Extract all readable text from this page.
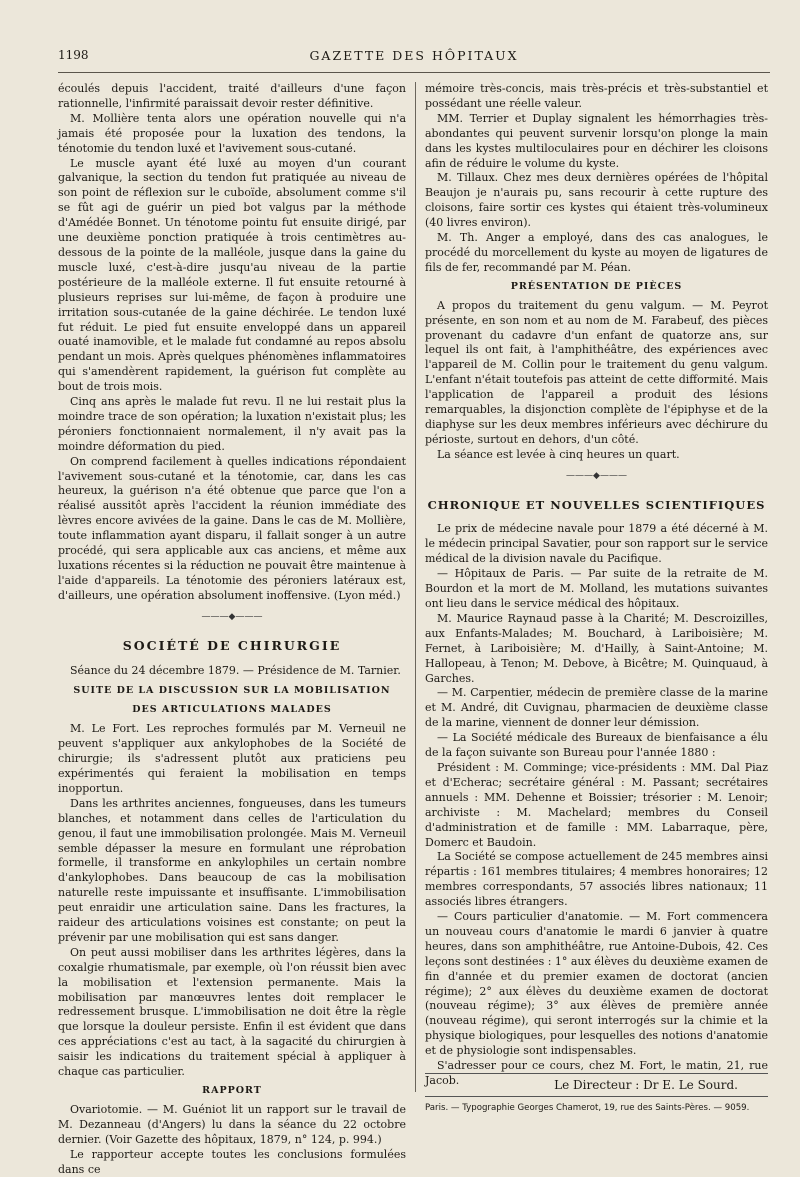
1198	GAZETTE DES HÔPITAUX

écoulés depuis l'accident, traité d'ailleurs d'une façon rationnelle, l'infirmité paraissait devoir rester définitive.

M. Mollière tenta alors une opération nouvelle qui n'a jamais été proposée pour la luxation des tendons, la ténotomie du tendon luxé et l'avivement sous-cutané.

Le muscle ayant été luxé au moyen d'un courant galvanique, la section du tendon fut pratiquée au niveau de son point de réflexion sur le cuboïde, absolument comme s'il se fût agi de guérir un pied bot valgus par la méthode d'Amédée Bonnet. Un ténotome pointu fut ensuite dirigé, par une deuxième ponction pratiquée à trois centimètres au-dessous de la pointe de la malléole, jusque dans la gaine du muscle luxé, c'est-à-dire jusqu'au niveau de la partie postérieure de la malléole externe. Il fut ensuite retourné à plusieurs reprises sur lui-même, de façon à produire une irritation sous-cutanée de la gaine déchirée. Le tendon luxé fut réduit. Le pied fut ensuite enveloppé dans un appareil ouaté inamovible, et le malade fut condamné au repos absolu pendant un mois. Après quelques phénomènes inflammatoires qui s'amendèrent rapidement, la guérison fut complète au bout de trois mois.

Cinq ans après le malade fut revu. Il ne lui restait plus la moindre trace de son opération; la luxation n'existait plus; les péroniers fonctionnaient normalement, il n'y avait pas la moindre déformation du pied.

On comprend facilement à quelles indications répondaient l'avivement sous-cutané et la ténotomie, car, dans les cas heureux, la guérison n'a été obtenue que parce que l'on a réalisé aussitôt après l'accident la réunion immédiate des lèvres encore avivées de la gaine. Dans le cas de M. Mollière, toute inflammation ayant disparu, il fallait songer à un autre procédé, qui sera applicable aux cas anciens, et même aux luxations récentes si la réduction ne pouvait être maintenue à l'aide d'appareils. La ténotomie des péroniers latéraux est, d'ailleurs, une opération absolument inoffensive. (Lyon méd.)

———◆———
SOCIÉTÉ DE CHIRURGIE

Séance du 24 décembre 1879. — Présidence de M. Tarnier.

SUITE DE LA DISCUSSION SUR LA MOBILISATION
DES ARTICULATIONS MALADES

M. Le Fort. Les reproches formulés par M. Verneuil ne peuvent s'appliquer aux ankylophobes de la Société de chirurgie; ils s'adressent plutôt aux praticiens peu expérimentés qui feraient la mobilisation en temps inopportun.

Dans les arthrites anciennes, fongueuses, dans les tumeurs blanches, et notamment dans celles de l'articulation du genou, il faut une immobilisation prolongée. Mais M. Verneuil semble dépasser la mesure en formulant une réprobation formelle, il transforme en ankylophiles un certain nombre d'ankylophobes. Dans beaucoup de cas la mobilisation naturelle reste impuissante et insuffisante. L'immobilisation peut enraidir une articulation saine. Dans les fractures, la raideur des articulations voisines est constante; on peut la prévenir par une mobilisation qui est sans danger.

On peut aussi mobiliser dans les arthrites légères, dans la coxalgie rhumatismale, par exemple, où l'on réussit bien avec la mobilisation et l'extension permanente. Mais la mobilisation par manœuvres lentes doit remplacer le redressement brusque. L'immobilisation ne doit être la règle que lorsque la douleur persiste. Enfin il est évident que dans ces appréciations c'est au tact, à la sagacité du chirurgien à saisir les indications du traitement spécial à appliquer à chaque cas particulier.

RAPPORT

Ovariotomie. — M. Guéniot lit un rapport sur le travail de M. Dezanneau (d'Angers) lu dans la séance du 22 octobre dernier. (Voir Gazette des hôpitaux, 1879, n° 124, p. 994.)

Le rapporteur accepte toutes les conclusions formulées dans ce

mémoire très-concis, mais très-précis et très-substantiel et possédant une réelle valeur.

MM. Terrier et Duplay signalent les hémorrhagies très-abondantes qui peuvent survenir lorsqu'on plonge la main dans les kystes multiloculaires pour en déchirer les cloisons afin de réduire le volume du kyste.

M. Tillaux. Chez mes deux dernières opérées de l'hôpital Beaujon je n'aurais pu, sans recourir à cette rupture des cloisons, faire sortir ces kystes qui étaient très-volumineux (40 livres environ).

M. Th. Anger a employé, dans des cas analogues, le procédé du morcellement du kyste au moyen de ligatures de fils de fer, recommandé par M. Péan.

PRÉSENTATION DE PIÈCES

A propos du traitement du genu valgum. — M. Peyrot présente, en son nom et au nom de M. Farabeuf, des pièces provenant du cadavre d'un enfant de quatorze ans, sur lequel ils ont fait, à l'amphithéâtre, des expériences avec l'appareil de M. Collin pour le traitement du genu valgum. L'enfant n'était toutefois pas atteint de cette difformité. Mais l'application de l'appareil a produit des lésions remarquables, la disjonction complète de l'épiphyse et de la diaphyse sur les deux membres inférieurs avec déchirure du périoste, surtout en dehors, d'un côté.

La séance est levée à cinq heures un quart.

———◆———
CHRONIQUE ET NOUVELLES SCIENTIFIQUES

Le prix de médecine navale pour 1879 a été décerné à M. le médecin principal Savatier, pour son rapport sur le service médical de la division navale du Pacifique.

— Hôpitaux de Paris. — Par suite de la retraite de M. Bourdon et la mort de M. Molland, les mutations suivantes ont lieu dans le service médical des hôpitaux.

M. Maurice Raynaud passe à la Charité; M. Descroizilles, aux Enfants-Malades; M. Bouchard, à Lariboisière; M. Fernet, à Lariboisière; M. d'Hailly, à Saint-Antoine; M. Hallopeau, à Tenon; M. Debove, à Bicêtre; M. Quinquaud, à Garches.

— M. Carpentier, médecin de première classe de la marine et M. André, dit Cuvignau, pharmacien de deuxième classe de la marine, viennent de donner leur démission.

— La Société médicale des Bureaux de bienfaisance a élu de la façon suivante son Bureau pour l'année 1880 :

Président : M. Comminge; vice-présidents : MM. Dal Piaz et d'Echerac; secrétaire général : M. Passant; secrétaires annuels : MM. Dehenne et Boissier; trésorier : M. Lenoir; archiviste : M. Machelard; membres du Conseil d'administration et de famille : MM. Labarraque, père, Domerc et Baudoin.

La Société se compose actuellement de 245 membres ainsi répartis : 161 membres titulaires; 4 membres honoraires; 12 membres correspondants, 57 associés libres nationaux; 11 associés libres étrangers.

— Cours particulier d'anatomie. — M. Fort commencera un nouveau cours d'anatomie le mardi 6 janvier à quatre heures, dans son amphithéâtre, rue Antoine-Dubois, 42. Ces leçons sont destinées : 1° aux élèves du deuxième examen de fin d'année et du premier examen de doctorat (ancien régime); 2° aux élèves du deuxième examen de doctorat (nouveau régime); 3° aux élèves de première année (nouveau régime), qui seront interrogés sur la chimie et la physique biologiques, pour lesquelles des notions d'anatomie et de physiologie sont indispensables.

S'adresser pour ce cours, chez M. Fort, le matin, 21, rue Jacob.	Le Directeur : Dr E. Le Sourd.
Paris. — Typographie Georges Chamerot, 19, rue des Saints-Pères. — 9059.
